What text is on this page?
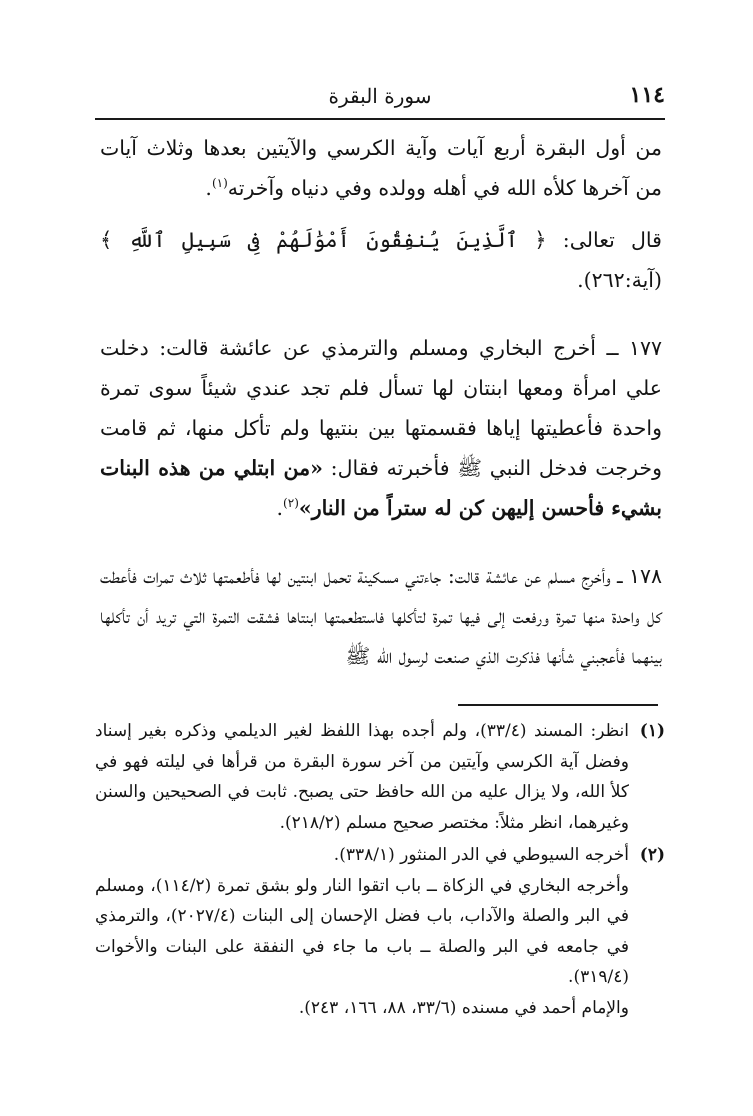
١١٤
سورة البقرة

من أول البقرة أربع آيات وآية الكرسي والآيتين بعدها وثلاث آيات من آخرها كلأه الله في أهله وولده وفي دنياه وآخرته$^{(١)}$.

قال تعالى: ﴿ ٱلَّذِينَ يُنفِقُونَ أَمْوَٰلَهُمْ فِى سَبِيلِ ٱللَّهِ ﴾ (آية:٢٦٢).

١٧٧ ــ أخرج البخاري ومسلم والترمذي عن عائشة قالت: دخلت علي امرأة ومعها ابنتان لها تسأل فلم تجد عندي شيئاً سوى تمرة واحدة فأعطيتها إياها فقسمتها بين بنتيها ولم تأكل منها، ثم قامت وخرجت فدخل النبي ﷺ فأخبرته فقال: «من ابتلي من هذه البنات بشيء فأحسن إليهن كن له ستراً من النار»$^{(٢)}$.

١٧٨ ــ وأخرج مسلم عن عائشة قالت: جاءتني مسكينة تحمل ابنتين لها فأطعمتها ثلاث تمرات فأعطت كل واحدة منها تمرة ورفعت إلى فيها تمرة لتأكلها فاستطعمتها ابنتاها فشقت التمرة التي تريد أن تأكلها بينهما فأعجبني شأنها فذكرت الذي صنعت لرسول الله ﷺ

(١)

انظر: المسند (٣٣/٤)، ولم أجده بهذا اللفظ لغير الديلمي وذكره بغير إسناد وفضل آية الكرسي وآيتين من آخر سورة البقرة من قرأها في ليلته فهو في كلأ الله، ولا يزال عليه من الله حافظ حتى يصبح. ثابت في الصحيحين والسنن وغيرهما، انظر مثلاً: مختصر صحيح مسلم (٢١٨/٢).

(٢)

أخرجه السيوطي في الدر المنثور (٣٣٨/١).

وأخرجه البخاري في الزكاة ــ باب اتقوا النار ولو بشق تمرة (١١٤/٢)، ومسلم في البر والصلة والآداب، باب فضل الإحسان إلى البنات (٢٠٢٧/٤)، والترمذي في جامعه في البر والصلة ــ باب ما جاء في النفقة على البنات والأخوات (٣١٩/٤).

والإمام أحمد في مسنده (٣٣/٦، ٨٨، ١٦٦، ٢٤٣).
